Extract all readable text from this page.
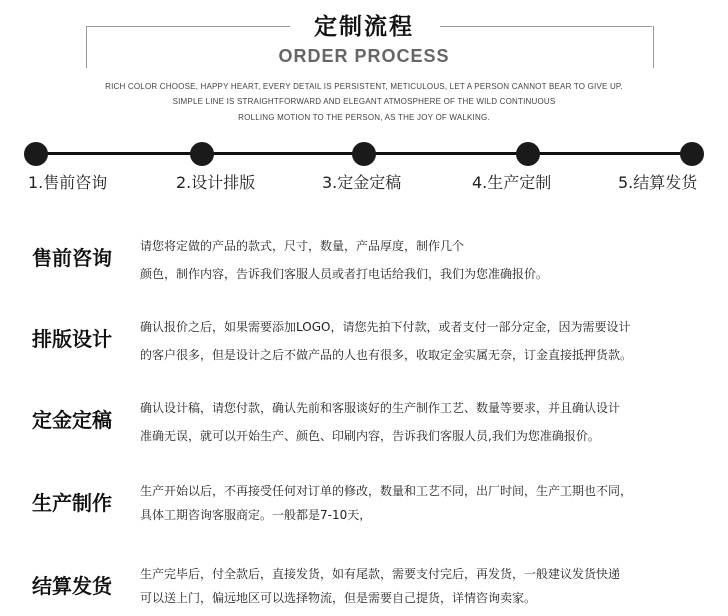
定制流程
ORDER PROCESS
RICH COLOR CHOOSE, HAPPY HEART, EVERY DETAIL IS PERSISTENT, METICULOUS, LET A PERSON CANNOT BEAR TO GIVE UP.
SIMPLE LINE IS STRAIGHTFORWARD AND ELEGANT ATMOSPHERE OF THE WILD CONTINUOUS
ROLLING MOTION TO THE PERSON, AS THE JOY OF WALKING.
1.售前咨询	2.设计排版	3.定金定稿	4.生产定制	5.结算发货
售前咨询 请您将定做的产品的款式，尺寸，数量，产品厚度，制作几个
颜色，制作内容，告诉我们客服人员或者打电话给我们，我们为您准确报价。
排版设计 确认报价之后，如果需要添加LOGO，请您先拍下付款，或者支付一部分定金，因为需要设计
的客户很多，但是设计之后不做产品的人也有很多，收取定金实属无奈，订金直接抵押货款。
定金定稿 确认设计稿，请您付款，确认先前和客服谈好的生产制作工艺、数量等要求，并且确认设计
准确无误，就可以开始生产、颜色、印刷内容，告诉我们客服人员,我们为您准确报价。
生产制作 生产开始以后，不再接受任何对订单的修改，数量和工艺不同，出厂时间，生产工期也不同，
具体工期咨询客服商定。一般都是7-10天，
结算发货 生产完毕后，付全款后，直接发货，如有尾款，需要支付完后，再发货，一般建议发货快递
可以送上门，偏远地区可以选择物流，但是需要自己提货，详情咨询卖家。
